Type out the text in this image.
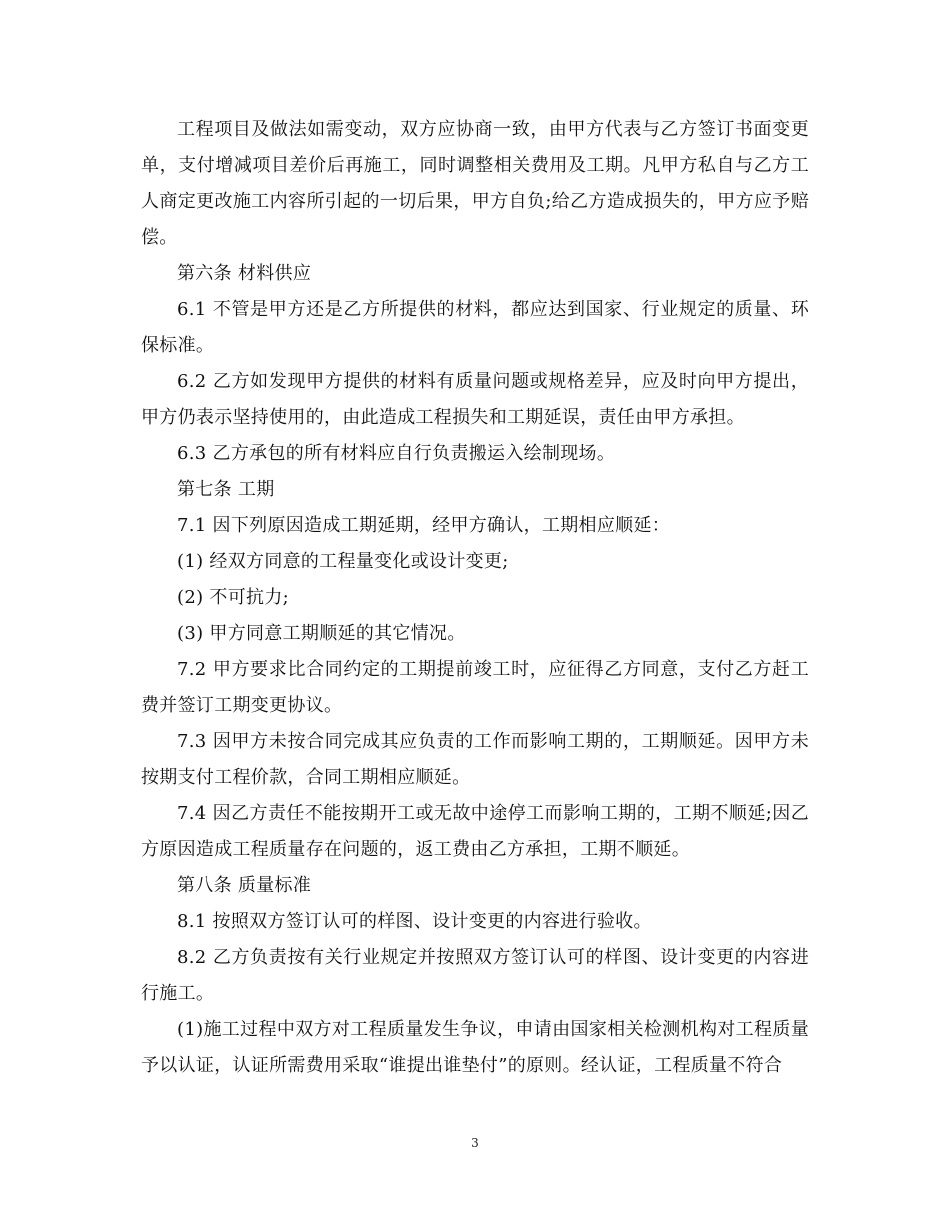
工程项目及做法如需变动，双方应协商一致，由甲方代表与乙方签订书面变更单，支付增减项目差价后再施工，同时调整相关费用及工期。凡甲方私自与乙方工人商定更改施工内容所引起的一切后果，甲方自负;给乙方造成损失的，甲方应予赔偿。

第六条 材料供应

6.1 不管是甲方还是乙方所提供的材料，都应达到国家、行业规定的质量、环保标准。

6.2 乙方如发现甲方提供的材料有质量问题或规格差异，应及时向甲方提出，甲方仍表示坚持使用的，由此造成工程损失和工期延误，责任由甲方承担。

6.3 乙方承包的所有材料应自行负责搬运入绘制现场。

第七条 工期

7.1 因下列原因造成工期延期，经甲方确认，工期相应顺延：

(1) 经双方同意的工程量变化或设计变更;

(2) 不可抗力;

(3) 甲方同意工期顺延的其它情况。

7.2 甲方要求比合同约定的工期提前竣工时，应征得乙方同意，支付乙方赶工费并签订工期变更协议。

7.3 因甲方未按合同完成其应负责的工作而影响工期的，工期顺延。因甲方未按期支付工程价款，合同工期相应顺延。

7.4 因乙方责任不能按期开工或无故中途停工而影响工期的，工期不顺延;因乙方原因造成工程质量存在问题的，返工费由乙方承担，工期不顺延。

第八条 质量标准

8.1 按照双方签订认可的样图、设计变更的内容进行验收。

8.2 乙方负责按有关行业规定并按照双方签订认可的样图、设计变更的内容进行施工。

(1)施工过程中双方对工程质量发生争议，申请由国家相关检测机构对工程质量予以认证，认证所需费用采取“谁提出谁垫付”的原则。经认证，工程质量不符合

3
